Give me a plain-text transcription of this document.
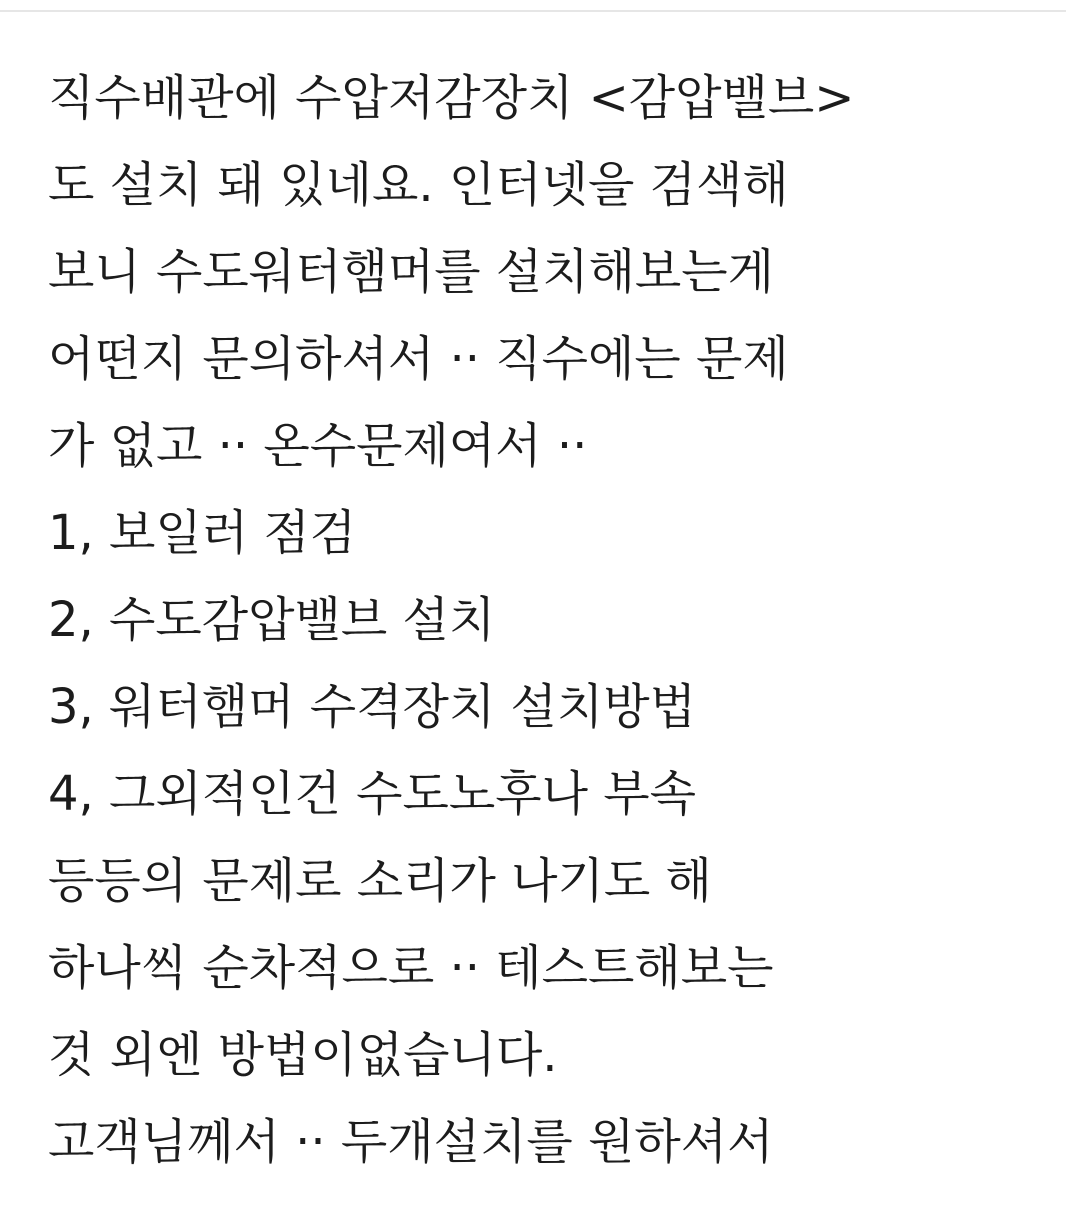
직수배관에 수압저감장치 <감압밸브>
도 설치 돼 있네요. 인터넷을 검색해
보니 수도워터햄머를 설치해보는게
어떤지 문의하셔서 ·· 직수에는 문제
가 없고 ·· 온수문제여서 ··
1, 보일러 점검
2, 수도감압밸브 설치
3, 워터햄머 수격장치 설치방법
4, 그외적인건 수도노후나 부속
등등의 문제로 소리가 나기도 해
하나씩 순차적으로 ·· 테스트해보는
것 외엔 방법이없습니다.
고객님께서 ·· 두개설치를 원하셔서
